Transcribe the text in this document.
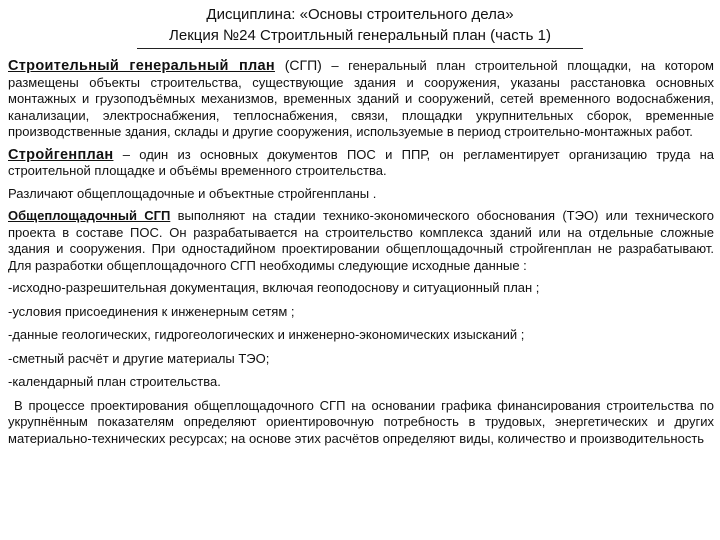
Дисциплина: «Основы строительного дела»
Лекция №24 Строитльный генеральный план (часть 1)

Строительный генеральный план (СГП) – генеральный план строительной площадки, на котором размещены объекты строительства, существующие здания и сооружения, указаны расстановка основных монтажных и грузоподъёмных механизмов, временных зданий и сооружений, сетей временного водоснабжения, канализации, электроснабжения, теплоснабжения, связи, площадки укрупнительных сборок, временные производственные здания, склады и другие сооружения, используемые в период строительно-монтажных работ.

Стройгенплан – один из основных документов ПОС и ППР, он регламентирует организацию труда на строительной площадке и объёмы временного строительства.

Различают общеплощадочные и объектные стройгенпланы .

Общеплощадочный СГП выполняют на стадии технико-экономического обоснования (ТЭО) или технического проекта в составе ПОС. Он разрабатывается на строительство комплекса зданий или на отдельные сложные здания и сооружения. При одностадийном проектировании общеплощадочный стройгенплан не разрабатывают. Для разработки общеплощадочного СГП необходимы следующие исходные данные :

-исходно-разрешительная документация, включая геоподоснову и ситуационный план ;

-условия присоединения к инженерным сетям ;

-данные геологических, гидрогеологических и инженерно-экономических изысканий ;

-сметный расчёт и другие материалы ТЭО;

-календарный план строительства.

В процессе проектирования общеплощадочного СГП на основании графика финансирования строительства по укрупнённым показателям определяют ориентировочную потребность в трудовых, энергетических и других материально-технических ресурсах; на основе этих расчётов определяют виды, количество и производительность
